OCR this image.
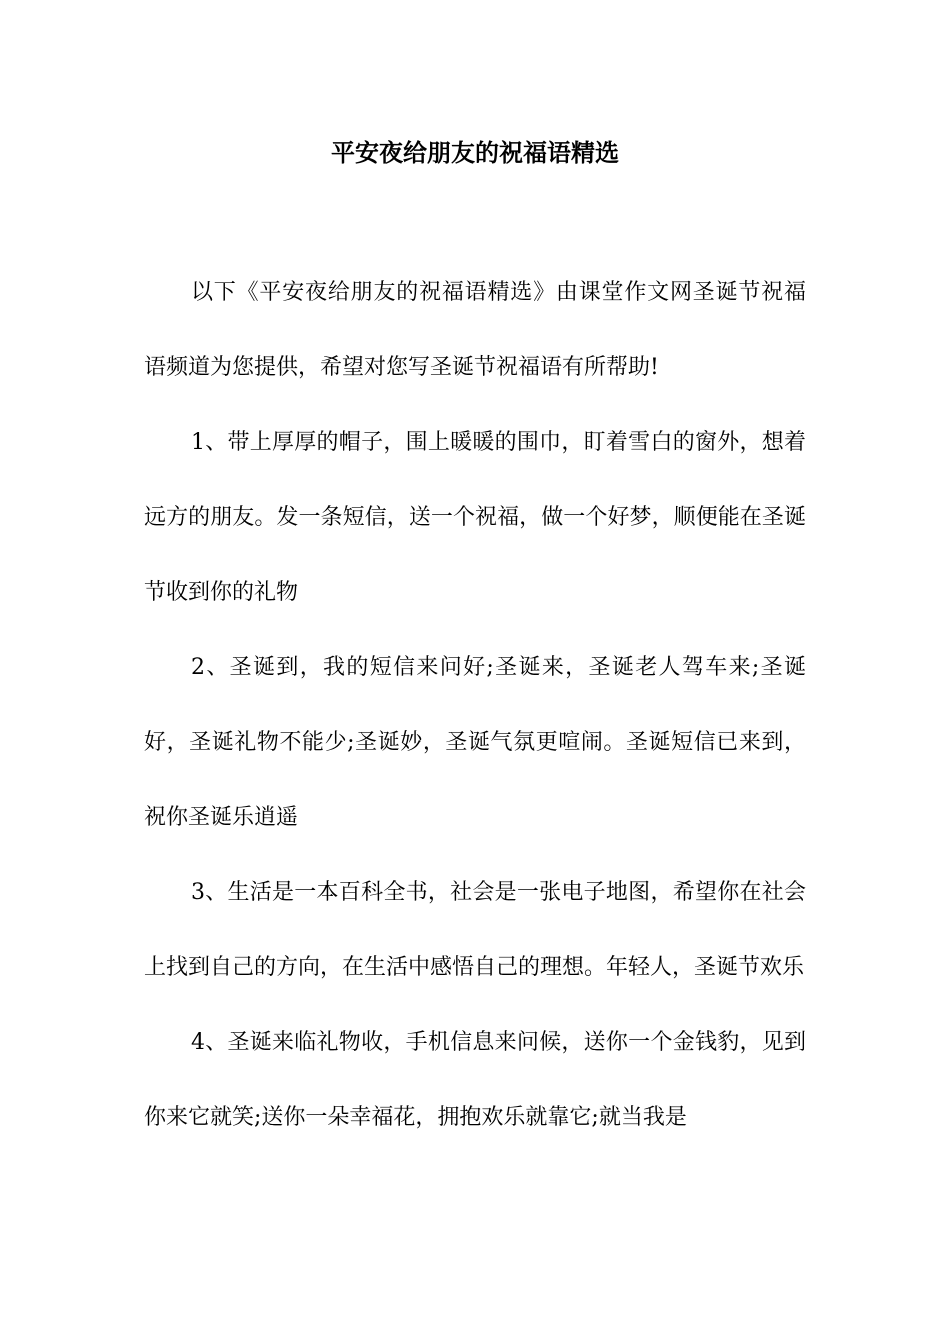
平安夜给朋友的祝福语精选

以下《平安夜给朋友的祝福语精选》由课堂作文网圣诞节祝福语频道为您提供，希望对您写圣诞节祝福语有所帮助!

1、带上厚厚的帽子，围上暖暖的围巾，盯着雪白的窗外，想着远方的朋友。发一条短信，送一个祝福，做一个好梦，顺便能在圣诞节收到你的礼物

2、圣诞到，我的短信来问好;圣诞来，圣诞老人驾车来;圣诞好，圣诞礼物不能少;圣诞妙，圣诞气氛更喧闹。圣诞短信已来到，祝你圣诞乐逍遥

3、生活是一本百科全书，社会是一张电子地图，希望你在社会上找到自己的方向，在生活中感悟自己的理想。年轻人，圣诞节欢乐

4、圣诞来临礼物收，手机信息来问候，送你一个金钱豹，见到你来它就笑;送你一朵幸福花，拥抱欢乐就靠它;就当我是
